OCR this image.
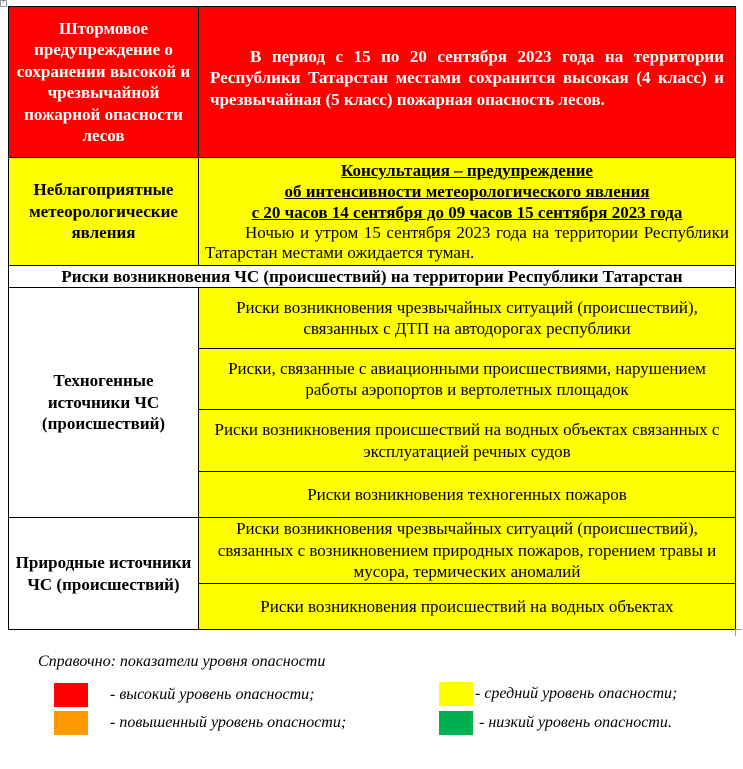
+
Штормовое предупреждение о сохранении высокой и чрезвычайной пожарной опасности лесов	В период с 15 по 20 сентября 2023 года на территории Республики Татарстан местами сохранится высокая (4 класс) и чрезвычайная (5 класс) пожарная опасность лесов.

Неблагоприятные метеорологические явления	Консультация – предупреждение
об интенсивности метеорологического явления
с 20 часов 14 сентября до 09 часов 15 сентября 2023 года
Ночью и утром 15 сентября 2023 года на территории Республики Татарстан местами ожидается туман.

Риски возникновения ЧС (происшествий) на территории Республики Татарстан	
Техногенные источники ЧС (происшествий)	Риски возникновения чрезвычайных ситуаций (происшествий), связанных с ДТП на автодорогах республики
	Риски, связанные с авиационными происшествиями, нарушением работы аэропортов и вертолетных площадок
	Риски возникновения происшествий на водных объектах связанных с эксплуатацией речных судов
	Риски возникновения техногенных пожаров
Природные источники ЧС (происшествий)	Риски возникновения чрезвычайных ситуаций (происшествий), связанных с возникновением природных пожаров, горением травы и мусора, термических аномалий
	Риски возникновения происшествий на водных объектах
Справочно: показатели уровня опасности
- высокий уровень опасности;
- повышенный уровень опасности;
- средний уровень опасности;
- низкий уровень опасности.
